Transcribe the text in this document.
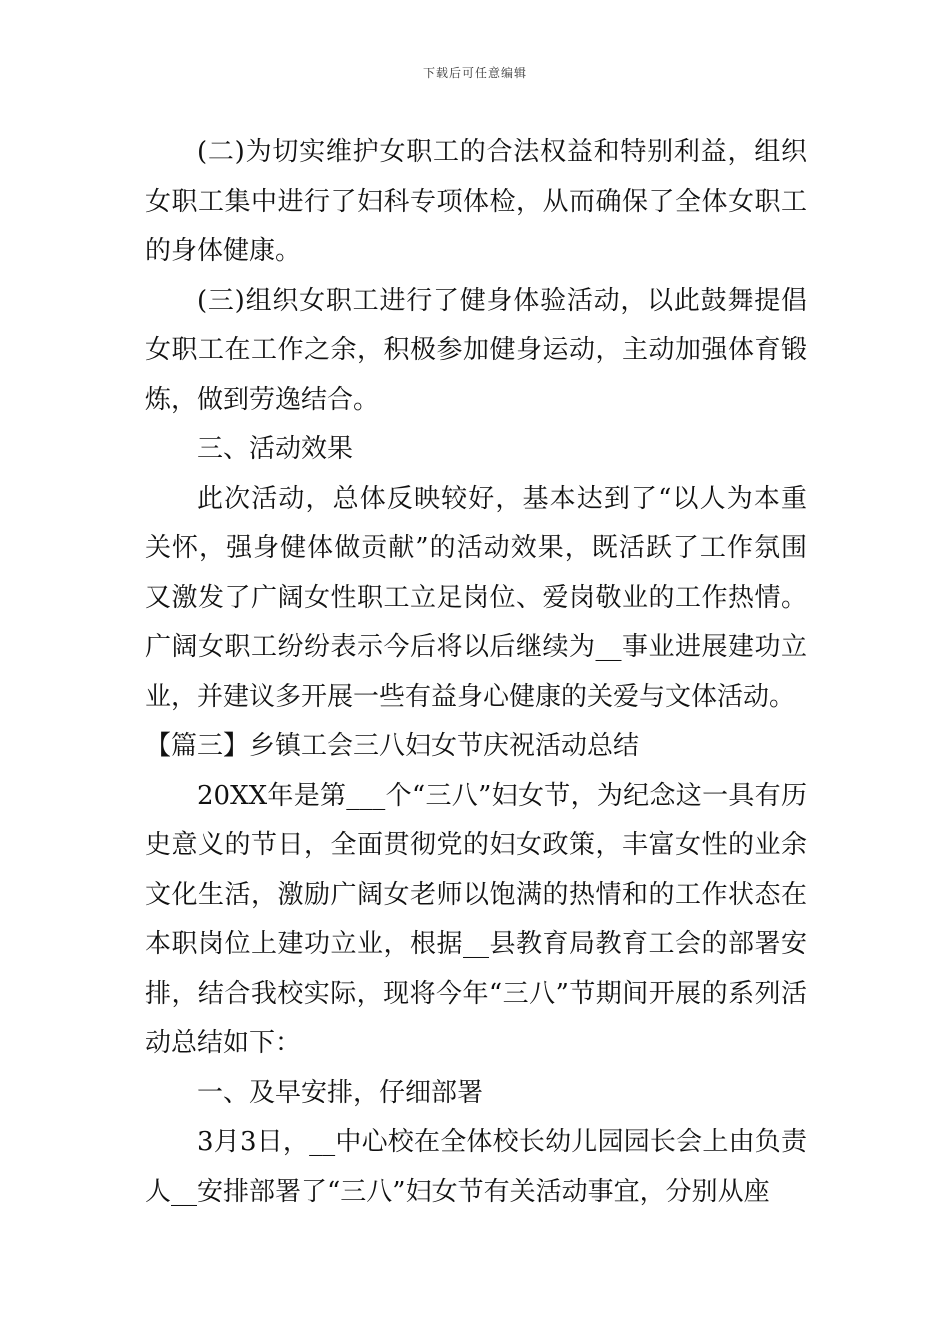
下载后可任意编辑

(二)为切实维护女职工的合法权益和特别利益，组织女职工集中进行了妇科专项体检，从而确保了全体女职工的身体健康。

(三)组织女职工进行了健身体验活动，以此鼓舞提倡女职工在工作之余，积极参加健身运动，主动加强体育锻炼，做到劳逸结合。

三、活动效果

此次活动，总体反映较好，基本达到了“以人为本重关怀，强身健体做贡献”的活动效果，既活跃了工作氛围又激发了广阔女性职工立足岗位、爱岗敬业的工作热情。广阔女职工纷纷表示今后将以后继续为__事业进展建功立业，并建议多开展一些有益身心健康的关爱与文体活动。

【篇三】乡镇工会三八妇女节庆祝活动总结

20XX年是第___个“三八”妇女节，为纪念这一具有历史意义的节日，全面贯彻党的妇女政策，丰富女性的业余文化生活，激励广阔女老师以饱满的热情和的工作状态在本职岗位上建功立业，根据__县教育局教育工会的部署安排，结合我校实际，现将今年“三八”节期间开展的系列活动总结如下：

一、及早安排，仔细部署

3月3日，__中心校在全体校长幼儿园园长会上由负责人__安排部署了“三八”妇女节有关活动事宜，分别从座
